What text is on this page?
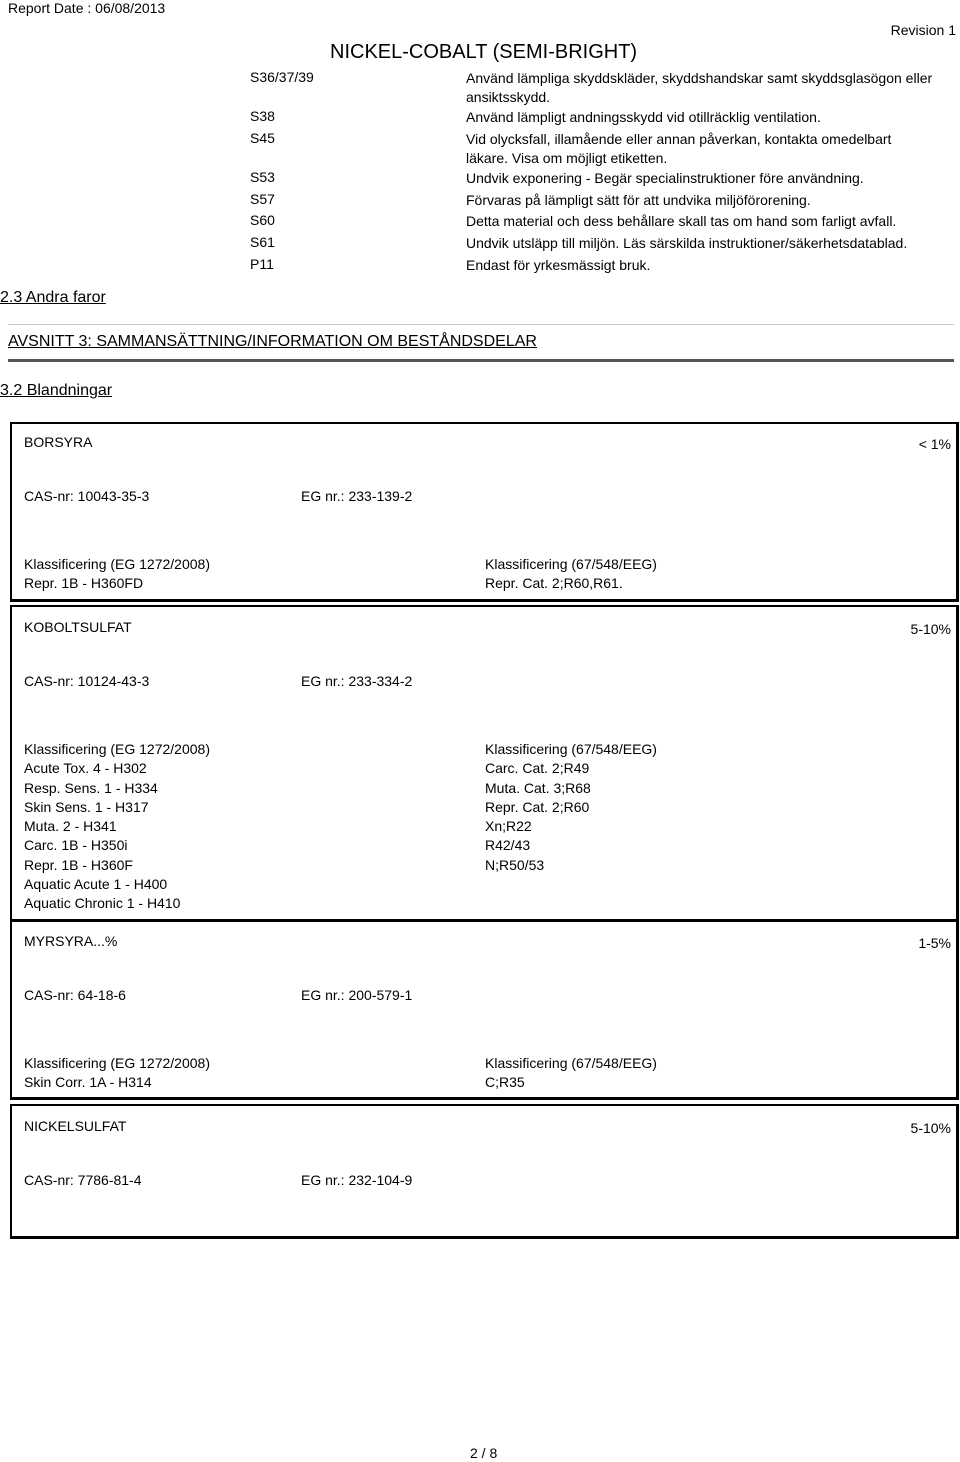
Report Date : 06/08/2013
Revision 1
NICKEL-COBALT (SEMI-BRIGHT)
S36/37/39	Använd lämpliga skyddskläder, skyddshandskar samt skyddsglasögon eller ansiktsskydd.
S38	Använd lämpligt andningsskydd vid otillräcklig ventilation.
S45	Vid olycksfall, illamående eller annan påverkan, kontakta omedelbart läkare. Visa om möjligt etiketten.
S53	Undvik exponering - Begär specialinstruktioner före användning.
S57	Förvaras på lämpligt sätt för att undvika miljöförorening.
S60	Detta material och dess behållare skall tas om hand som farligt avfall.
S61	Undvik utsläpp till miljön. Läs särskilda instruktioner/säkerhetsdatablad.
P11	Endast för yrkesmässigt bruk.
2.3 Andra faror
AVSNITT 3: SAMMANSÄTTNING/INFORMATION OM BESTÅNDSDELAR
3.2 Blandningar
BORSYRA	< 1%
CAS-nr: 10043-35-3	EG nr.: 233-139-2
Klassificering (EG 1272/2008)
Repr. 1B - H360FD
Klassificering (67/548/EEG)
Repr. Cat. 2;R60,R61.
KOBOLTSULFAT	5-10%
CAS-nr: 10124-43-3	EG nr.: 233-334-2
Klassificering (EG 1272/2008)
Acute Tox. 4 - H302
Resp. Sens. 1 - H334
Skin Sens. 1 - H317
Muta. 2 - H341
Carc. 1B - H350i
Repr. 1B - H360F
Aquatic Acute 1 - H400
Aquatic Chronic 1 - H410
Klassificering (67/548/EEG)
Carc. Cat. 2;R49
Muta. Cat. 3;R68
Repr. Cat. 2;R60
Xn;R22
R42/43
N;R50/53
MYRSYRA...%	1-5%
CAS-nr: 64-18-6	EG nr.: 200-579-1
Klassificering (EG 1272/2008)
Skin Corr. 1A - H314
Klassificering (67/548/EEG)
C;R35
NICKELSULFAT	5-10%
CAS-nr: 7786-81-4	EG nr.: 232-104-9
2 / 8
